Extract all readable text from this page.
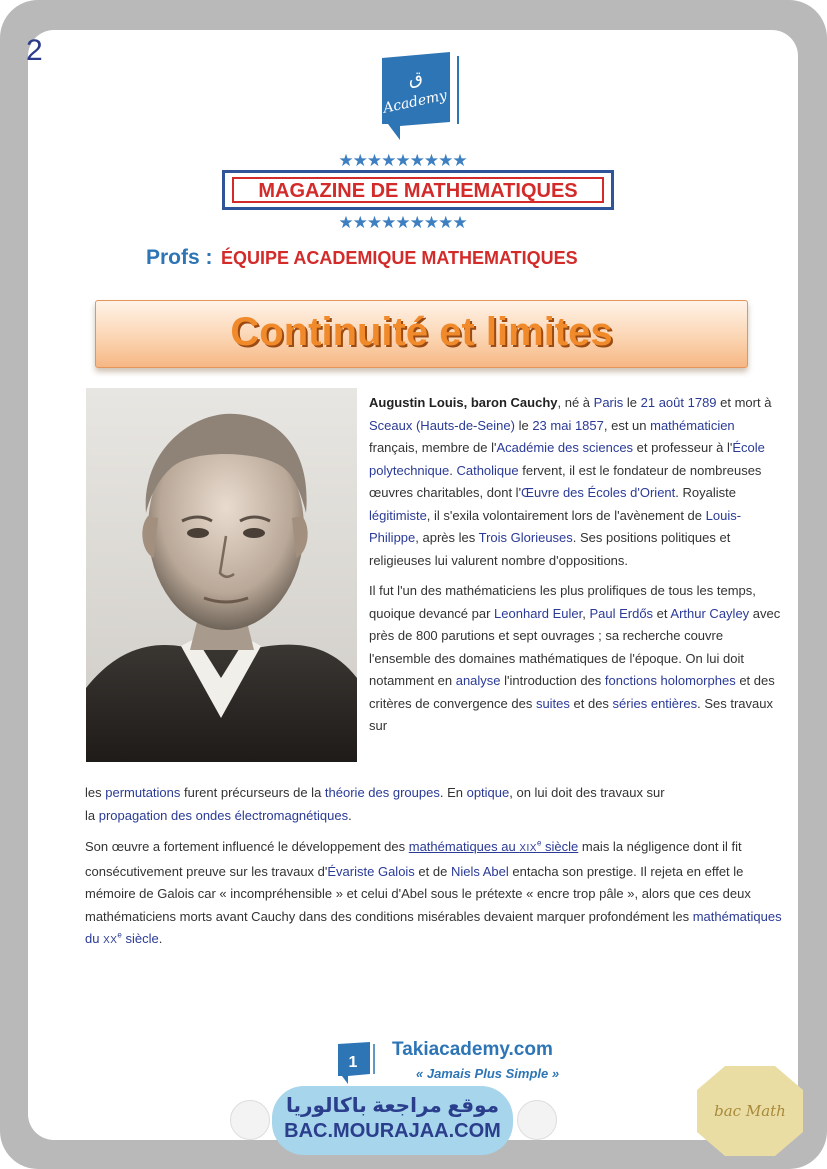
2
ق
Academy
★★★★★★★★★
MAGAZINE DE MATHEMATIQUES
★★★★★★★★★
Profs : ÉQUIPE ACADEMIQUE MATHEMATIQUES
Continuité et limites

Augustin Louis, baron Cauchy, né à Paris le 21 août 1789 et mort à Sceaux (Hauts-de-Seine) le 23 mai 1857, est un mathématicien français, membre de l'Académie des sciences et professeur à l'École polytechnique. Catholique fervent, il est le fondateur de nombreuses œuvres charitables, dont l'Œuvre des Écoles d'Orient. Royaliste légitimiste, il s'exila volontairement lors de l'avènement de Louis-Philippe, après les Trois Glorieuses. Ses positions politiques et religieuses lui valurent nombre d'oppositions.

Il fut l'un des mathématiciens les plus prolifiques de tous les temps, quoique devancé par Leonhard Euler, Paul Erdős et Arthur Cayley avec près de 800 parutions et sept ouvrages ; sa recherche couvre l'ensemble des domaines mathématiques de l'époque. On lui doit notamment en analyse l'introduction des fonctions holomorphes et des critères de convergence des suites et des séries entières. Ses travaux sur

les permutations furent précurseurs de la théorie des groupes. En optique, on lui doit des travaux sur
la propagation des ondes électromagnétiques.

Son œuvre a fortement influencé le développement des mathématiques au XIXe siècle mais la négligence dont il fit consécutivement preuve sur les travaux d'Évariste Galois et de Niels Abel entacha son prestige. Il rejeta en effet le mémoire de Galois car « incompréhensible » et celui d'Abel sous le prétexte « encre trop pâle », alors que ces deux mathématiciens morts avant Cauchy dans des conditions misérables devaient marquer profondément les mathématiques du XXe siècle.

1
Takiacademy.com
« Jamais Plus Simple »
موقع مراجعة باكالوريا
BAC.MOURAJAA.COM
bac Math
